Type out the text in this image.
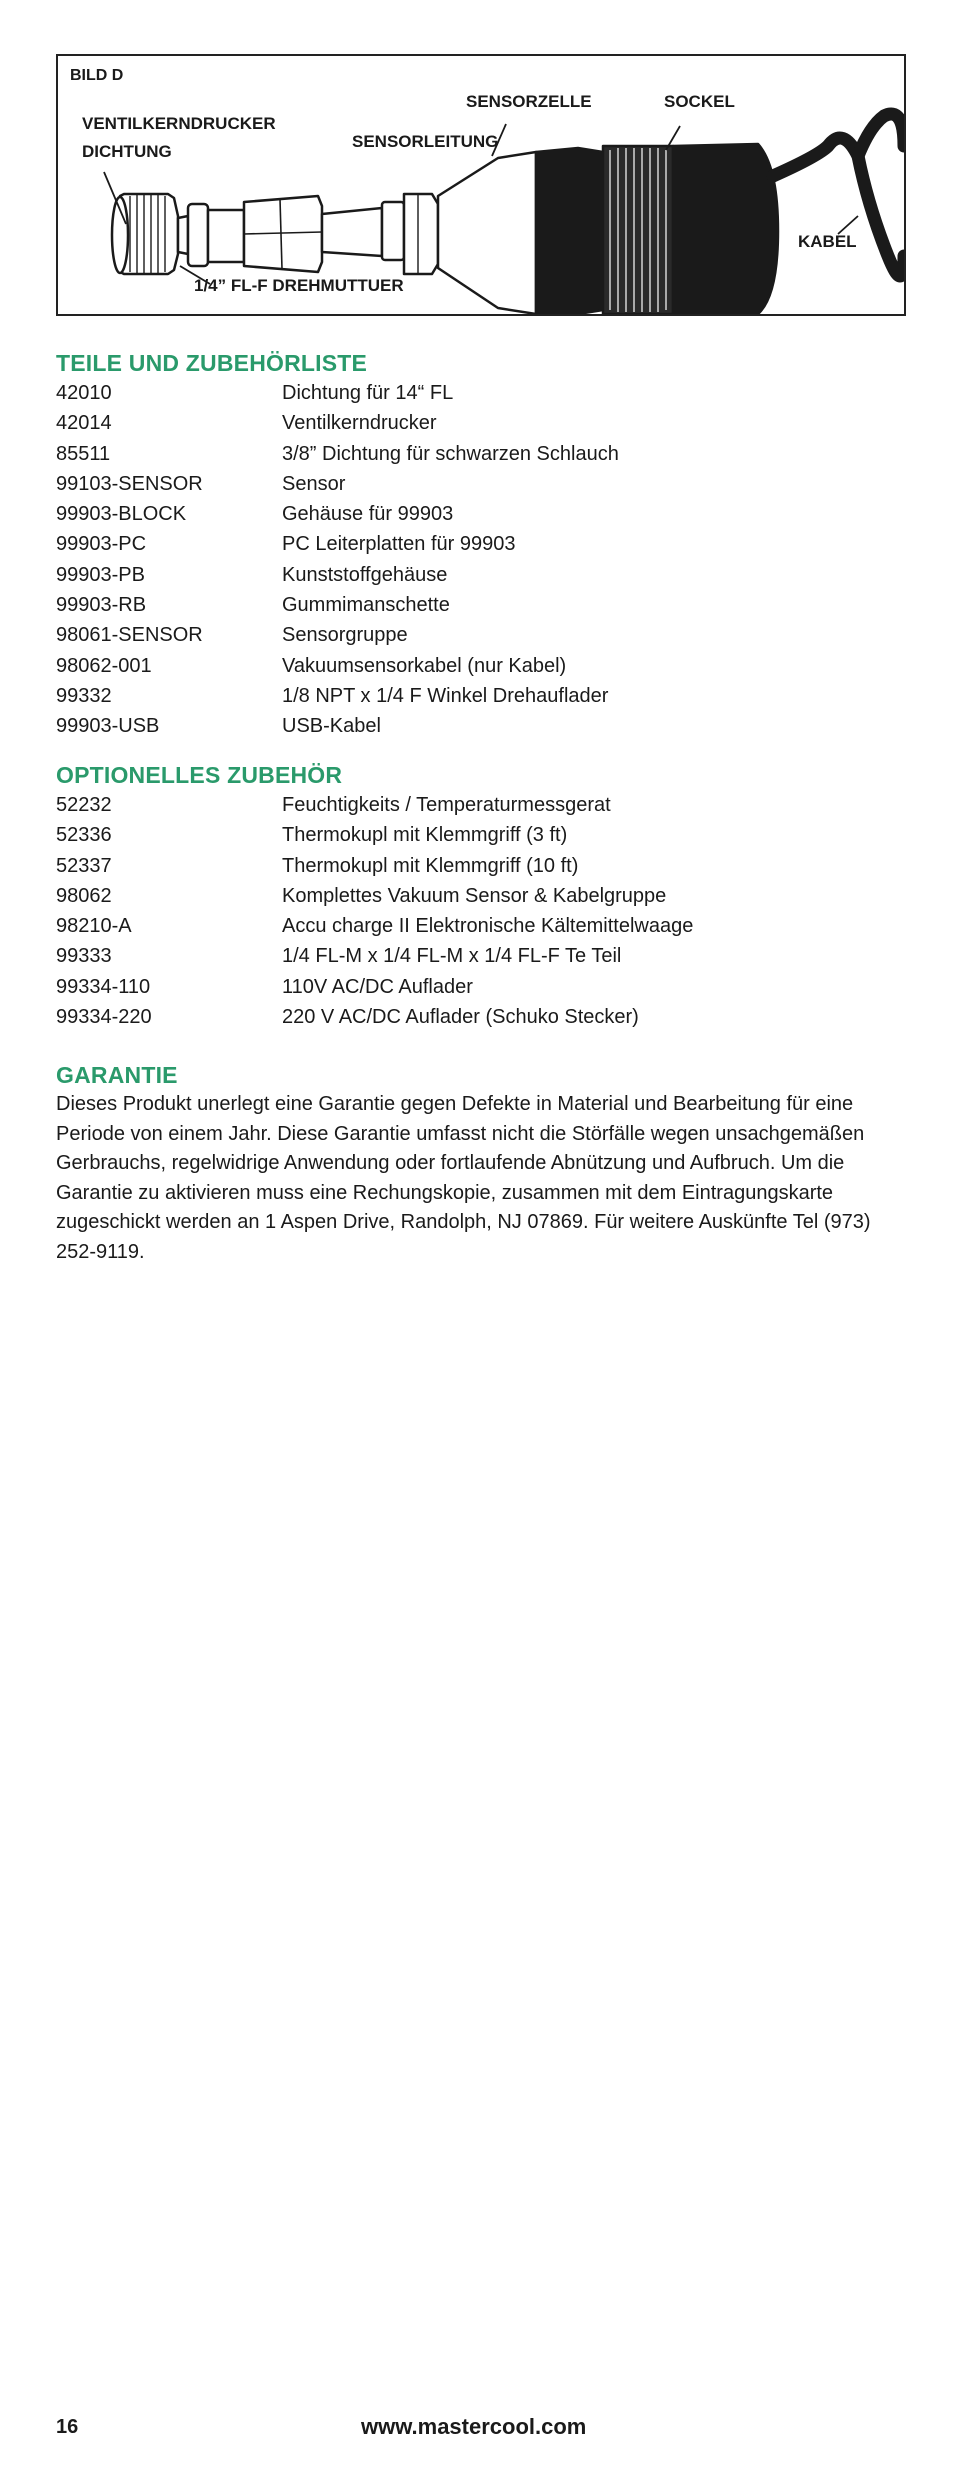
BILD D
VENTILKERNDRUCKER
DICHTUNG
SENSORLEITUNG
SENSORZELLE	SOCKEL
KABEL
1/4” FL-F DREHMUTTUER
TEILE UND ZUBEHÖRLISTE
42010	Dichtung für 14“ FL
42014	Ventilkerndrucker
85511	3/8” Dichtung für schwarzen Schlauch
99103-SENSOR	Sensor
99903-BLOCK	Gehäuse für 99903
99903-PC	PC Leiterplatten für 99903
99903-PB	Kunststoffgehäuse
99903-RB	Gummimanschette
98061-SENSOR	Sensorgruppe
98062-001	Vakuumsensorkabel (nur Kabel)
99332	1/8 NPT x 1/4 F Winkel Drehauflader
99903-USB	USB-Kabel
OPTIONELLES ZUBEHÖR
52232	Feuchtigkeits / Temperaturmessgerat
52336	Thermokupl mit Klemmgriff (3 ft)
52337	Thermokupl mit Klemmgriff (10 ft)
98062	Komplettes Vakuum Sensor & Kabelgruppe
98210-A	Accu charge II Elektronische Kältemittelwaage
99333	1/4 FL-M x 1/4 FL-M x 1/4 FL-F Te Teil
99334-110	110V AC/DC Auflader
99334-220	220 V AC/DC Auflader (Schuko Stecker)
GARANTIE

Dieses Produkt unerlegt eine Garantie gegen Defekte in Material und Bearbeitung für eine Periode von einem Jahr. Diese Garantie umfasst nicht die Störfälle wegen unsachgemäßen Gerbrauchs, regelwidrige Anwendung oder fortlaufende Abnützung und Aufbruch. Um die Garantie zu aktivieren muss eine Rechungskopie, zusammen mit dem Eintragungskarte zugeschickt werden an 1 Aspen Drive, Randolph, NJ 07869. Für weitere Auskünfte Tel (973) 252-9119.

16	www.mastercool.com
